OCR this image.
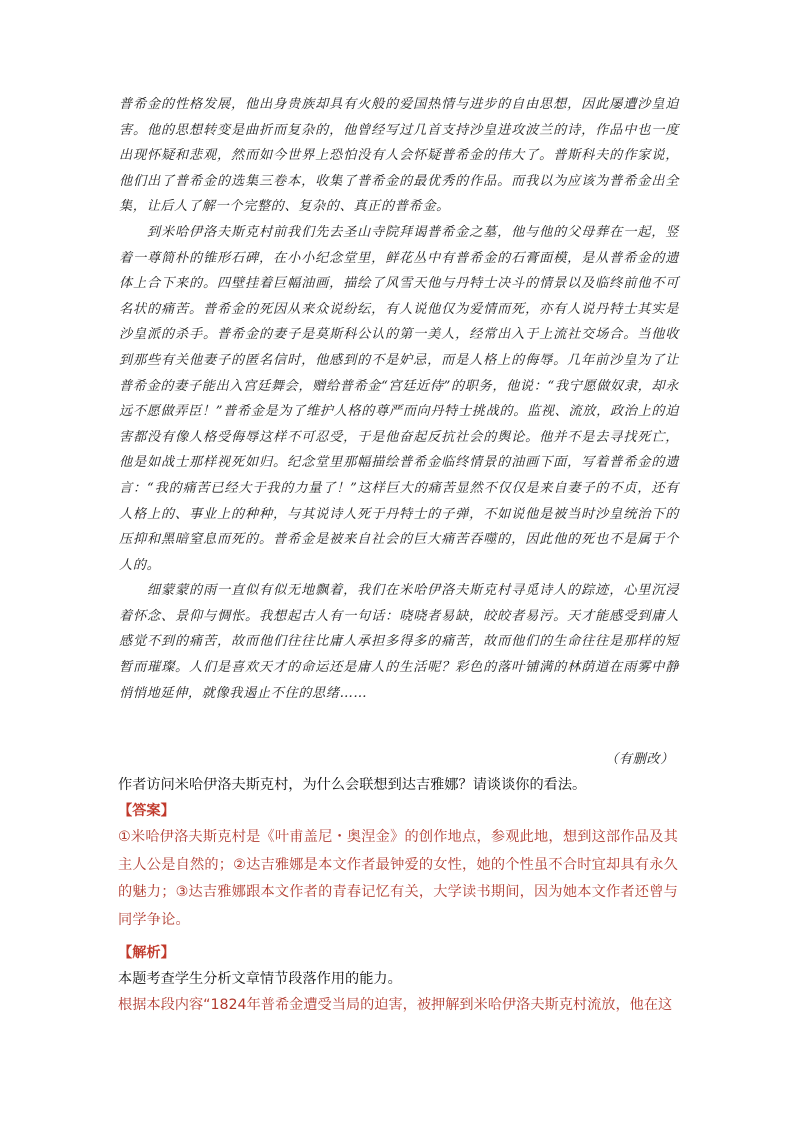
普希金的性格发展，他出身贵族却具有火般的爱国热情与进步的自由思想，因此屡遭沙皇迫害。他的思想转变是曲折而复杂的，他曾经写过几首支持沙皇进攻波兰的诗，作品中也一度出现怀疑和悲观，然而如今世界上恐怕没有人会怀疑普希金的伟大了。普斯科夫的作家说，他们出了普希金的选集三卷本，收集了普希金的最优秀的作品。而我以为应该为普希金出全集，让后人了解一个完整的、复杂的、真正的普希金。

到米哈伊洛夫斯克村前我们先去圣山寺院拜谒普希金之墓，他与他的父母葬在一起，竖着一尊简朴的锥形石碑，在小小纪念堂里，鲜花丛中有普希金的石膏面模，是从普希金的遗体上合下来的。四壁挂着巨幅油画，描绘了风雪天他与丹特士决斗的情景以及临终前他不可名状的痛苦。普希金的死因从来众说纷纭，有人说他仅为爱情而死，亦有人说丹特士其实是沙皇派的杀手。普希金的妻子是莫斯科公认的第一美人，经常出入于上流社交场合。当他收到那些有关他妻子的匿名信时，他感到的不是妒忌，而是人格上的侮辱。几年前沙皇为了让普希金的妻子能出入宫廷舞会，赠给普希金“宫廷近侍”的职务，他说：“我宁愿做奴隶，却永远不愿做弄臣！”普希金是为了维护人格的尊严而向丹特士挑战的。监视、流放，政治上的迫害都没有像人格受侮辱这样不可忍受，于是他奋起反抗社会的舆论。他并不是去寻找死亡，他是如战士那样视死如归。纪念堂里那幅描绘普希金临终情景的油画下面，写着普希金的遗言：“我的痛苦已经大于我的力量了！”这样巨大的痛苦显然不仅仅是来自妻子的不贞，还有人格上的、事业上的种种，与其说诗人死于丹特士的子弹，不如说他是被当时沙皇统治下的压抑和黑暗窒息而死的。普希金是被来自社会的巨大痛苦吞噬的，因此他的死也不是属于个人的。

细蒙蒙的雨一直似有似无地飘着，我们在米哈伊洛夫斯克村寻觅诗人的踪迹，心里沉浸着怀念、景仰与惆怅。我想起古人有一句话：哓哓者易缺，皎皎者易污。天才能感受到庸人感觉不到的痛苦，故而他们往往比庸人承担多得多的痛苦，故而他们的生命往往是那样的短暂而璀璨。人们是喜欢天才的命运还是庸人的生活呢？彩色的落叶铺满的林荫道在雨雾中静悄悄地延伸，就像我遏止不住的思绪……

（有删改）
作者访问米哈伊洛夫斯克村，为什么会联想到达吉雅娜？请谈谈你的看法。
【答案】
①米哈伊洛夫斯克村是《叶甫盖尼・奥涅金》的创作地点，参观此地，想到这部作品及其主人公是自然的；②达吉雅娜是本文作者最钟爱的女性，她的个性虽不合时宜却具有永久的魅力；③达吉雅娜跟本文作者的青春记忆有关，大学读书期间，因为她本文作者还曾与同学争论。
【解析】
本题考查学生分析文章情节段落作用的能力。
根据本段内容“1824年普希金遭受当局的迫害，被押解到米哈伊洛夫斯克村流放，他在这
